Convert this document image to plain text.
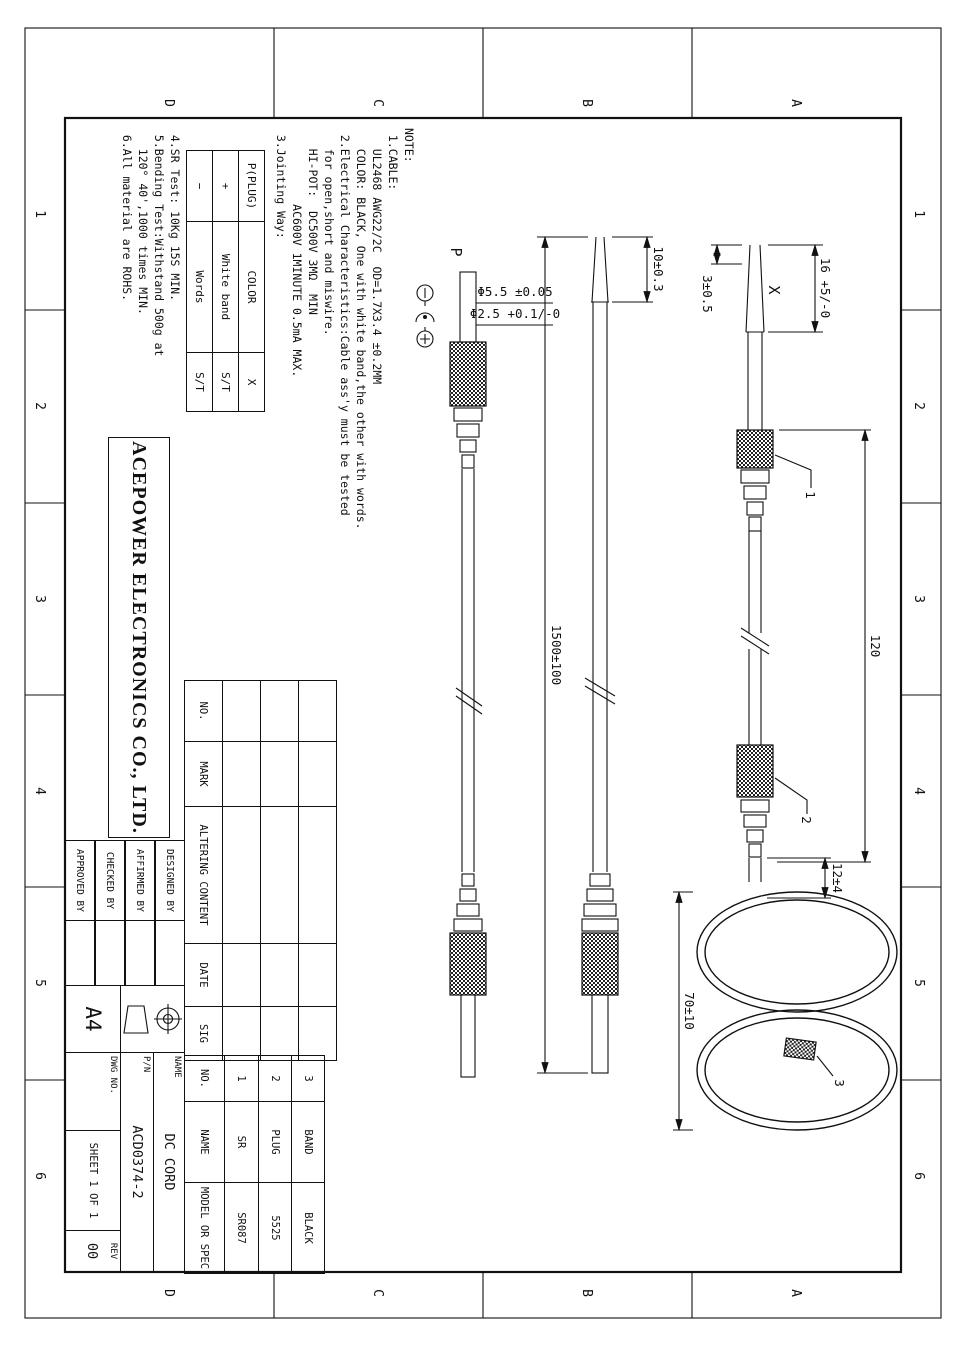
1
2
3
4
5
6
1
2
3
4
5
6
A
B
C
D
A
B
C
D
16 +5/-0
3±0.5	X
1
120
2
12±4
3
70±10
10±0.3
1500±100
P
Φ5.5 ±0.05
Φ2.5 +0.1/-0
NOTE:
1.CABLE:
UL2468 AWG22/2C  OD=1.7X3.4 ±0.2MM
COLOR: BLACK, One with white band,the other with words.
2.Electrical Characteristics:Cable ass'y must be tested
for open,short and miswire.
HI-POT:  DC500V 3MΩ  MIN
AC600V 1MINUTE 0.5mA MAX.
3.Jointing Way:
P(PLUG)	COLOR	X
+	White band	S/T
−	Words	S/T
4.SR Test: 10Kg 15S MIN.
5.Bending Test:Withstand 500g at
120° 40',1000 times MIN.
6.All material are ROHS.
ACEPOWER ELECTRONICS CO., LTD.

					NO.	MARK	ALTERING CONTENT	DATE	SIG
3	BAND	BLACK
2	PLUG	5525
1	SR	SR087
NO.	NAME	MODEL OR SPEC
DESIGNED BY
AFFIRMED BY
CHECKED BY
APPROVED BY
A4
NAME
DC CORD
P/N
ACD0374-2
DWG NO.
SHEET 1 OF 1
REV
00
